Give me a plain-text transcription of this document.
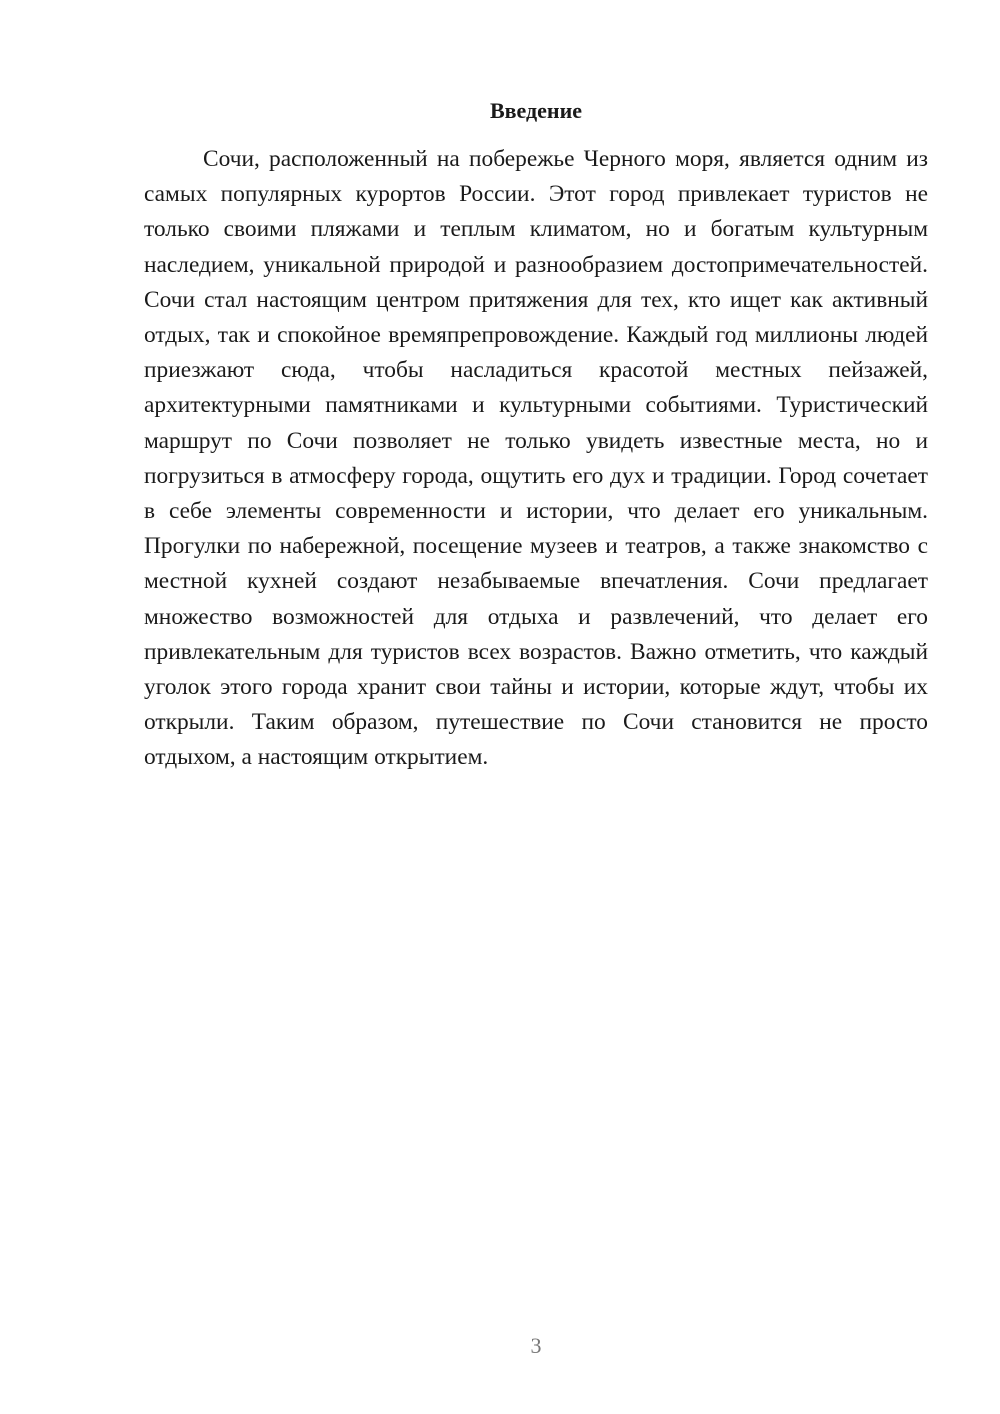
Введение

Сочи, расположенный на побережье Черного моря, является одним из самых популярных курортов России. Этот город привлекает туристов не только своими пляжами и теплым климатом, но и богатым культурным наследием, уникальной природой и разнообразием достопримечательностей. Сочи стал настоящим центром притяжения для тех, кто ищет как активный отдых, так и спокойное времяпрепровождение. Каждый год миллионы людей приезжают сюда, чтобы насладиться красотой местных пейзажей, архитектурными памятниками и культурными событиями. Туристический маршрут по Сочи позволяет не только увидеть известные места, но и погрузиться в атмосферу города, ощутить его дух и традиции. Город сочетает в себе элементы современности и истории, что делает его уникальным. Прогулки по набережной, посещение музеев и театров, а также знакомство с местной кухней создают незабываемые впечатления. Сочи предлагает множество возможностей для отдыха и развлечений, что делает его привлекательным для туристов всех возрастов. Важно отметить, что каждый уголок этого города хранит свои тайны и истории, которые ждут, чтобы их открыли. Таким образом, путешествие по Сочи становится не просто отдыхом, а настоящим открытием.

3
